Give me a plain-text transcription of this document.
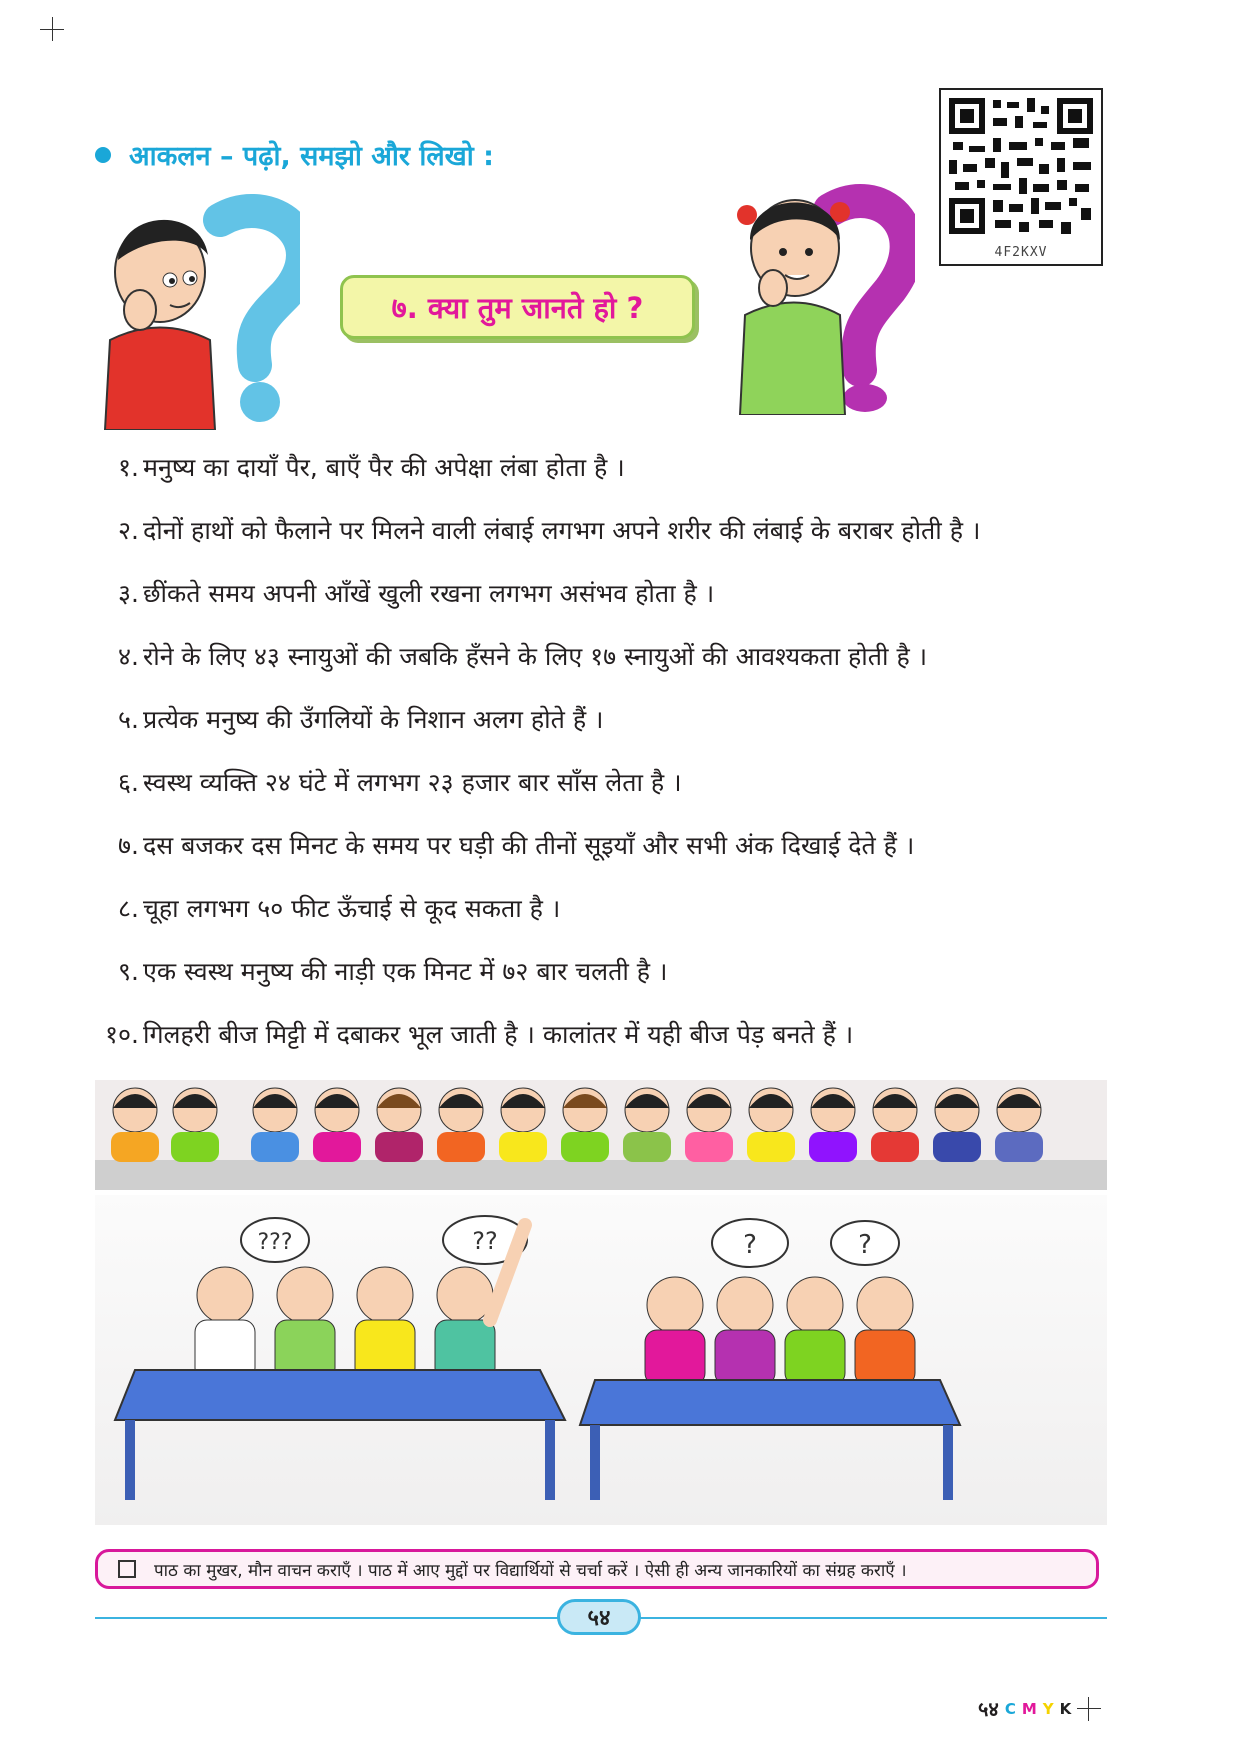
आकलन – पढ़ो, समझो और लिखो :
4F2KXV
७. क्या तुम जानते हो ?
१. मनुष्य का दायाँ पैर, बाएँ पैर की अपेक्षा लंबा होता है ।
२. दोनों हाथों को फैलाने पर मिलने वाली लंबाई लगभग अपने शरीर की लंबाई के बराबर होती है ।
३. छींकते समय अपनी आँखें खुली रखना लगभग असंभव होता है ।
४. रोने के लिए ४३ स्नायुओं की जबकि हँसने के लिए १७ स्नायुओं की आवश्यकता होती है ।
५. प्रत्येक मनुष्य की उँगलियों के निशान अलग होते हैं ।
६. स्वस्थ व्यक्ति २४ घंटे में लगभग २३ हजार बार साँस लेता है ।
७. दस बजकर दस मिनट के समय पर घड़ी की तीनों सूइयाँ और सभी अंक दिखाई देते हैं ।
८. चूहा लगभग ५० फीट ऊँचाई से कूद सकता है ।
९. एक स्वस्थ मनुष्य की नाड़ी एक मिनट में ७२ बार चलती है ।
१०. गिलहरी बीज मिट्टी में दबाकर भूल जाती है । कालांतर में यही बीज पेड़ बनते हैं ।
???	??	?	?
पाठ का मुखर, मौन वाचन कराएँ । पाठ में आए मुद्दों पर विद्यार्थियों से चर्चा करें । ऐसी ही अन्य जानकारियों का संग्रह कराएँ ।
५४
५४ C M Y K
